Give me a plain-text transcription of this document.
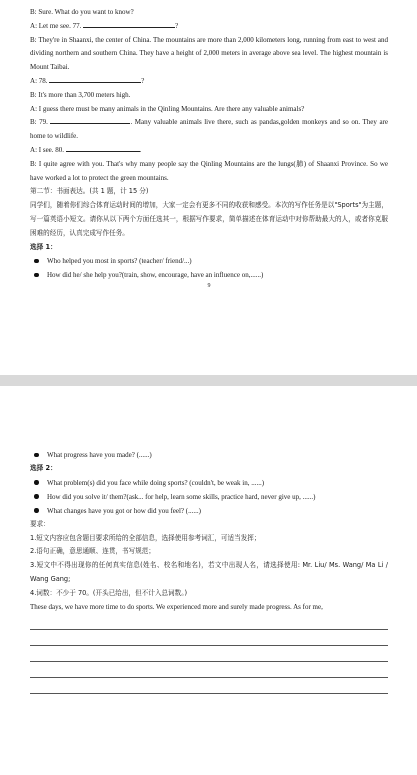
B: Sure. What do you want to know?

A: Let me see. 77.	?

B: They're in Shaanxi, the center of China. The mountains are more than 2,000 kilometers long, running from east to west and dividing northern and southern China. They have a height of 2,000 meters in average above sea level. The highest mountain is Mount Taibai.

A: 78.	?

B: It's more than 3,700 meters high.

A: I guess there must be many animals in the Qinling Mountains. Are there any valuable animals?

B: 79.	. Many valuable animals live there, such as pandas,golden monkeys and so on. They are home to wildlife.

A: I see. 80.	.

B: I quite agree with you. That's why many people say the Qinling Mountains are the lungs(肺) of Shaanxi Province. So we have worked a lot to protect the green mountains.

第二节：书面表达。(共 1 题，计 15 分)

同学们，随着你们综合体育运动时间的增加，大家一定会有更多不同的收获和感受。本次的写作任务是以"Sports"为主题，写一篇英语小短文。请你从以下两个方面任选其一，根据写作要求，简单描述在体育运动中对你帮助最大的人，或者你克服困难的经历，认真完成写作任务。

选择 1：

Who helped you most in sports? (teacher/ friend/...)
How did he/ she help you?(train, show, encourage, have an influence on,......)
9
What progress have you made? (......)

选择 2：

What problem(s) did you face while doing sports? (couldn't, be weak in, ......)
How did you solve it/ them?(ask... for help, learn some skills, practice hard, never give up, ......)
What changes have you got or how did you feel? (......)

要求：

1.短文内容应包含题目要求所给的全部信息，选择使用参考词汇，可适当发挥；

2.语句正确，意思通顺、连贯，书写规范；

3.短文中不得出现你的任何真实信息(姓名、校名和地名)，若文中出现人名，请选择使用: Mr. Liu/ Ms. Wang/ Ma Li / Wang Gang;

4.词数：不少于 70。(开头已给出，但不计入总词数。)

These days, we have more time to do sports. We experienced more and surely made progress. As for me,
